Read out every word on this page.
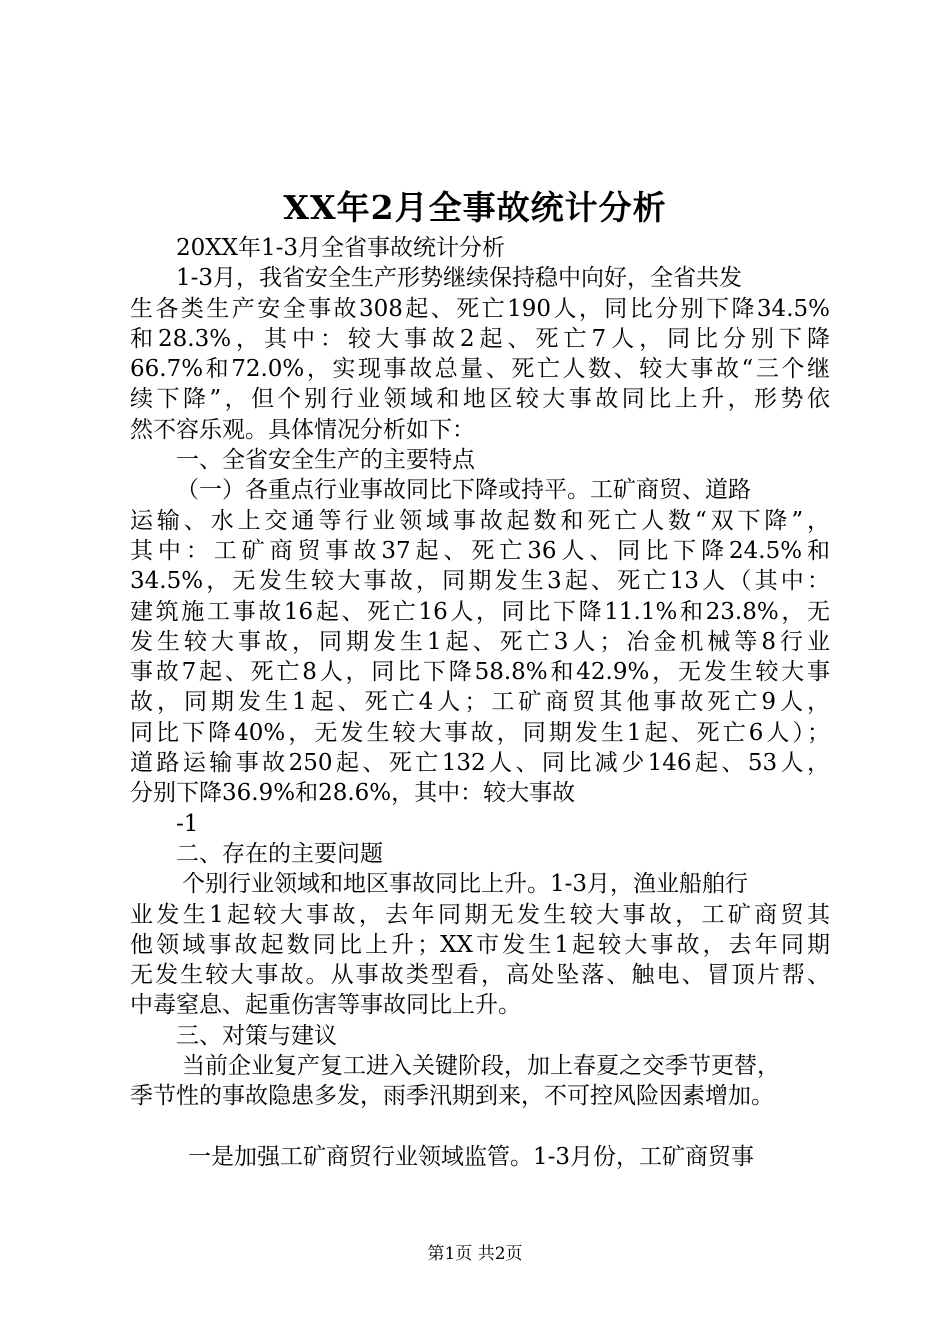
XX年2月全事故统计分析
20XX年1-3月全省事故统计分析
1-3月，我省安全生产形势继续保持稳中向好，全省共发
生各类生产安全事故308起、死亡190人，同比分别下降34.5%
和28.3%，其中：较大事故2起、死亡7人，同比分别下降
66.7%和72.0%，实现事故总量、死亡人数、较大事故“三个继
续下降”，但个别行业领域和地区较大事故同比上升，形势依
然不容乐观。具体情况分析如下：
一、全省安全生产的主要特点
（一）各重点行业事故同比下降或持平。工矿商贸、道路
运输、水上交通等行业领域事故起数和死亡人数“双下降”，
其中：工矿商贸事故37起、死亡36人、同比下降24.5%和
34.5%，无发生较大事故，同期发生3起、死亡13人（其中：
建筑施工事故16起、死亡16人，同比下降11.1%和23.8%，无
发生较大事故，同期发生1起、死亡3人；冶金机械等8行业
事故7起、死亡8人，同比下降58.8%和42.9%，无发生较大事
故，同期发生1起、死亡4人；工矿商贸其他事故死亡9人，
同比下降40%，无发生较大事故，同期发生1起、死亡6人）；
道路运输事故250起、死亡132人、同比减少146起、53人，
分别下降36.9%和28.6%，其中：较大事故
-1
二、存在的主要问题
个别行业领域和地区事故同比上升。1-3月，渔业船舶行
业发生1起较大事故，去年同期无发生较大事故，工矿商贸其
他领域事故起数同比上升；XX市发生1起较大事故，去年同期
无发生较大事故。从事故类型看，高处坠落、触电、冒顶片帮、
中毒窒息、起重伤害等事故同比上升。
三、对策与建议
当前企业复产复工进入关键阶段，加上春夏之交季节更替，
季节性的事故隐患多发，雨季汛期到来，不可控风险因素增加。
一是加强工矿商贸行业领域监管。1-3月份，工矿商贸事
第1页 共2页
